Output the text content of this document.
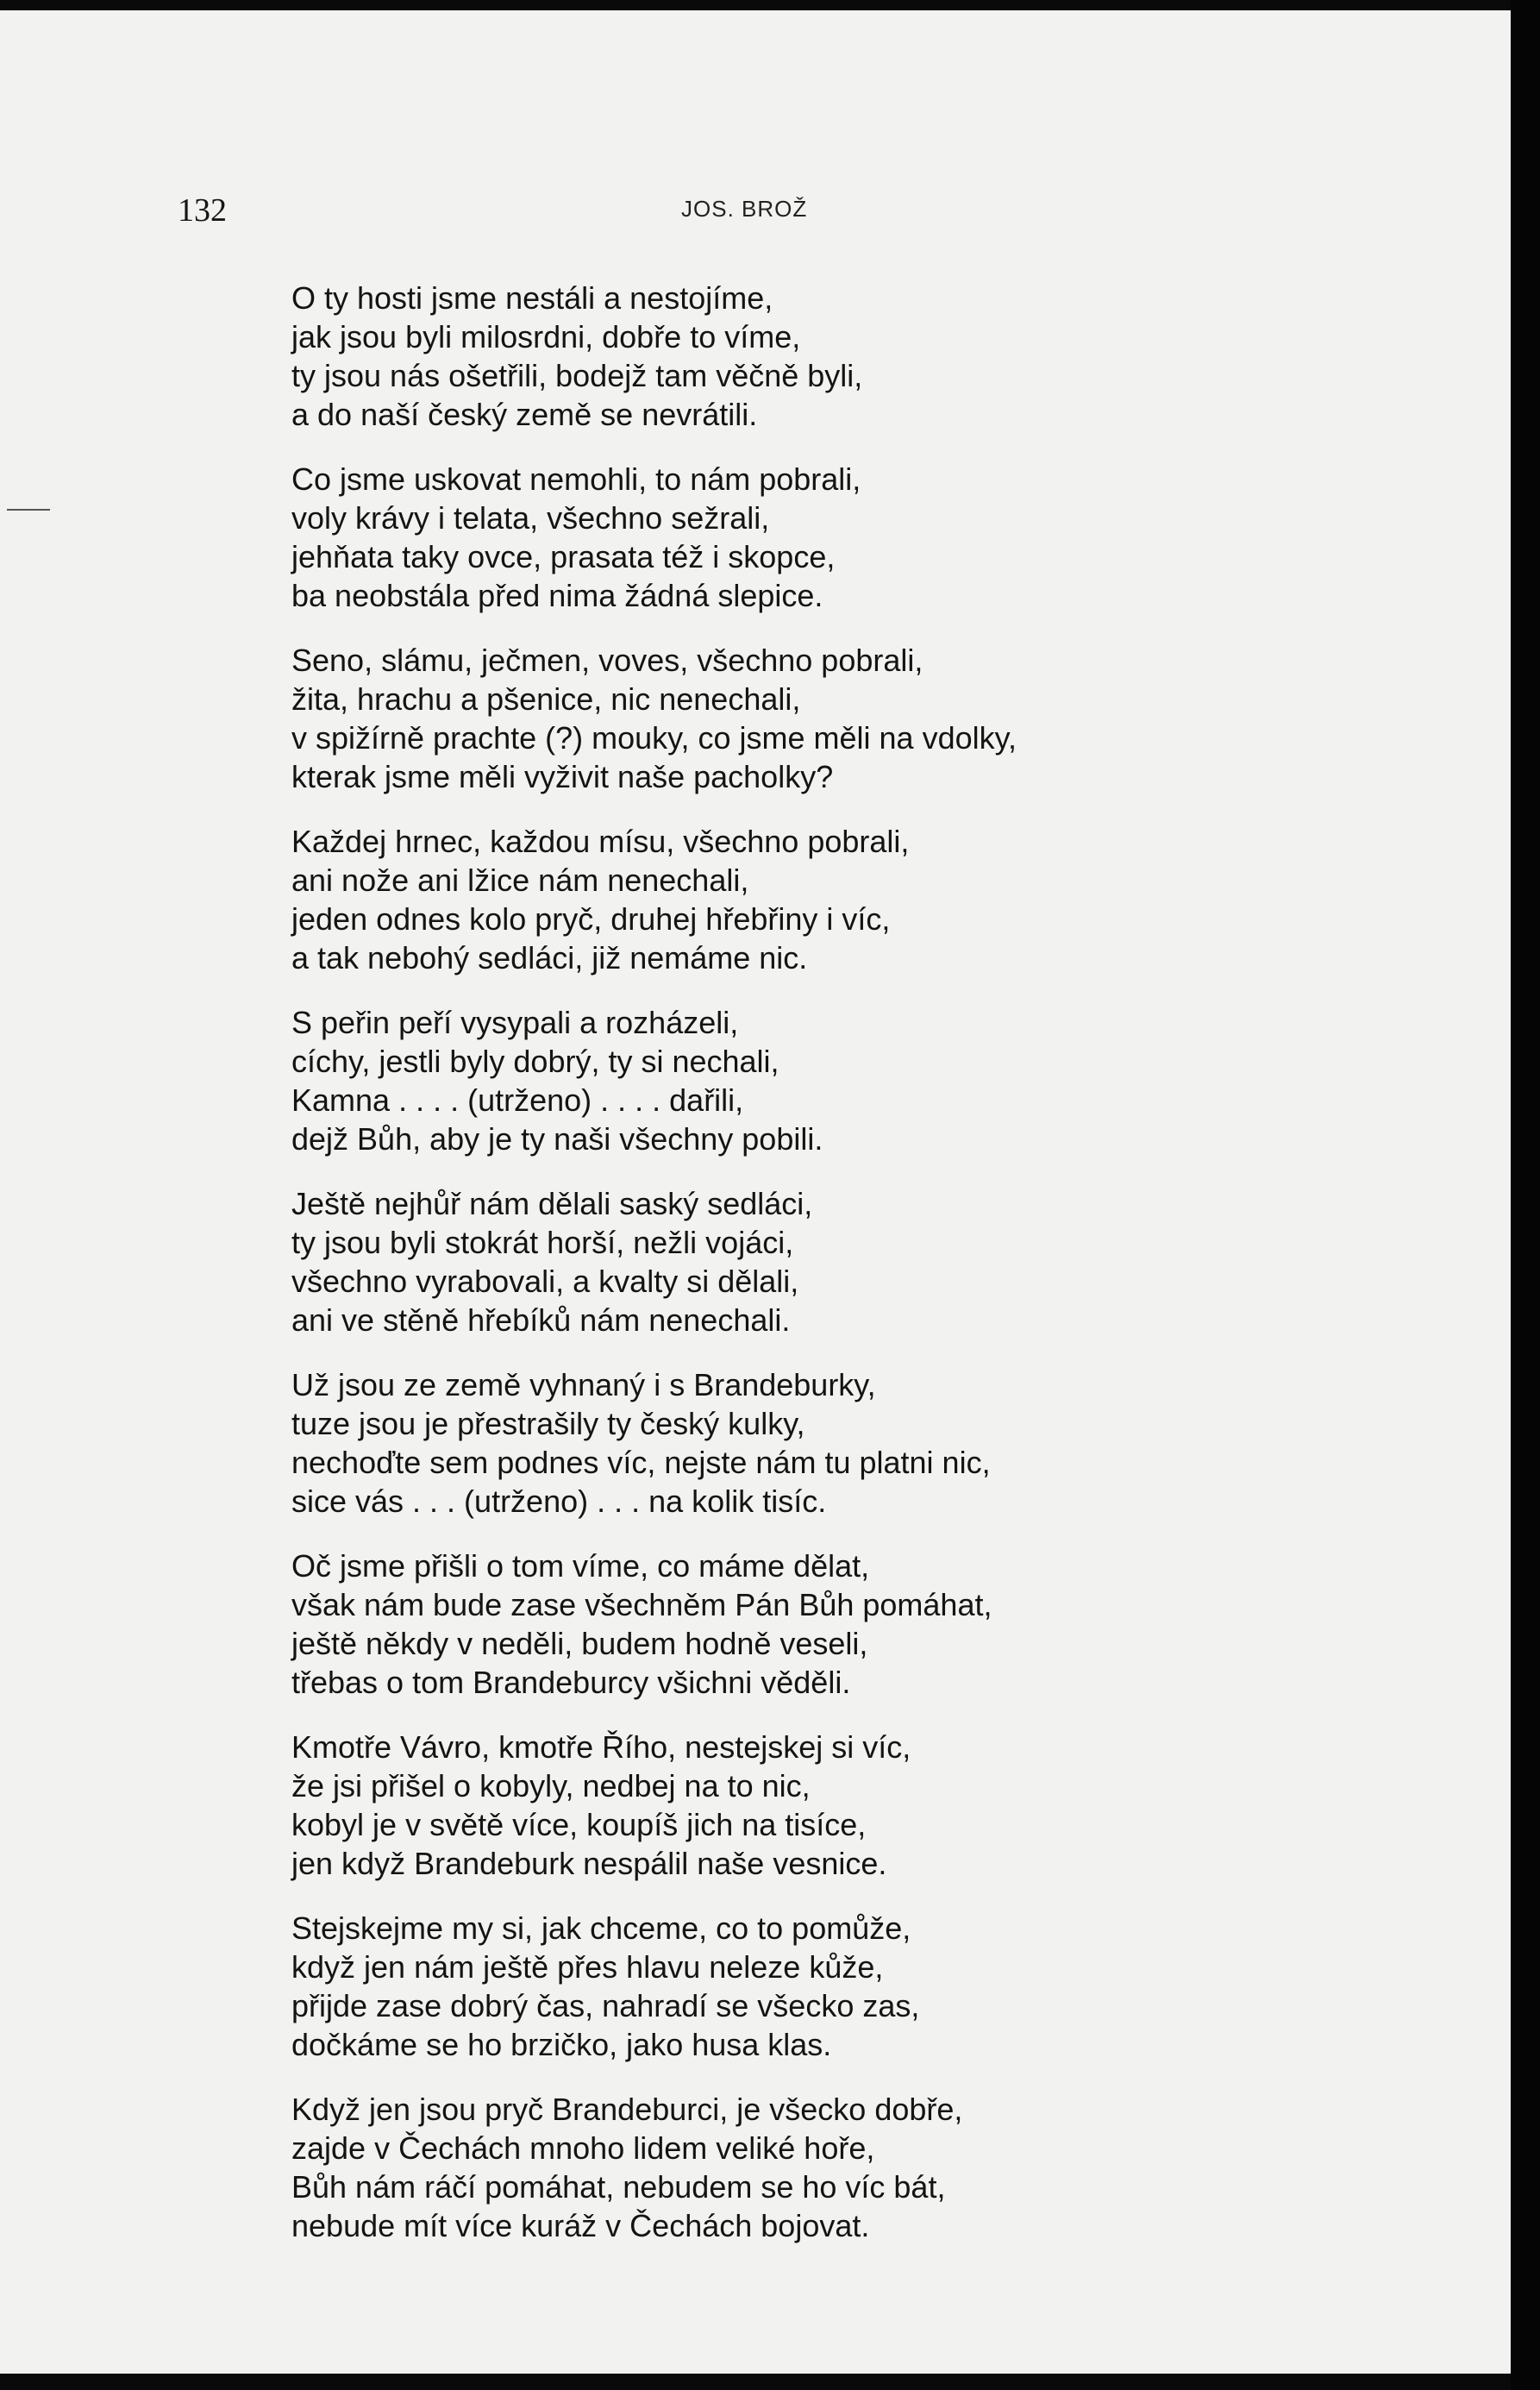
132	JOS. BROŽ
O ty hosti jsme nestáli a nestojíme,
jak jsou byli milosrdni, dobře to víme,
ty jsou nás ošetřili, bodejž tam věčně byli,
a do naší český země se nevrátili.
Co jsme uskovat nemohli, to nám pobrali,
voly krávy i telata, všechno sežrali,
jehňata taky ovce, prasata též i skopce,
ba neobstála před nima žádná slepice.
Seno, slámu, ječmen, voves, všechno pobrali,
žita, hrachu a pšenice, nic nenechali,
v spižírně prachte (?) mouky, co jsme měli na vdolky,
kterak jsme měli vyživit naše pacholky?
Každej hrnec, každou mísu, všechno pobrali,
ani nože ani lžice nám nenechali,
jeden odnes kolo pryč, druhej hřebřiny i víc,
a tak nebohý sedláci, již nemáme nic.
S peřin peří vysypali a rozházeli,
cíchy, jestli byly dobrý, ty si nechali,
Kamna . . . . (utrženo) . . . . dařili,
dejž Bůh, aby je ty naši všechny pobili.
Ještě nejhůř nám dělali saský sedláci,
ty jsou byli stokrát horší, nežli vojáci,
všechno vyrabovali, a kvalty si dělali,
ani ve stěně hřebíků nám nenechali.
Už jsou ze země vyhnaný i s Brandeburky,
tuze jsou je přestrašily ty český kulky,
nechoďte sem podnes víc, nejste nám tu platni nic,
sice vás . . . (utrženo) . . . na kolik tisíc.
Oč jsme přišli o tom víme, co máme dělat,
však nám bude zase všechněm Pán Bůh pomáhat,
ještě někdy v neděli, budem hodně veseli,
třebas o tom Brandeburcy všichni věděli.
Kmotře Vávro, kmotře Řího, nestejskej si víc,
že jsi přišel o kobyly, nedbej na to nic,
kobyl je v světě více, koupíš jich na tisíce,
jen když Brandeburk nespálil naše vesnice.
Stejskejme my si, jak chceme, co to pomůže,
když jen nám ještě přes hlavu neleze kůže,
přijde zase dobrý čas, nahradí se všecko zas,
dočkáme se ho brzičko, jako husa klas.
Když jen jsou pryč Brandeburci, je všecko dobře,
zajde v Čechách mnoho lidem veliké hoře,
Bůh nám ráčí pomáhat, nebudem se ho víc bát,
nebude mít více kuráž v Čechách bojovat.
